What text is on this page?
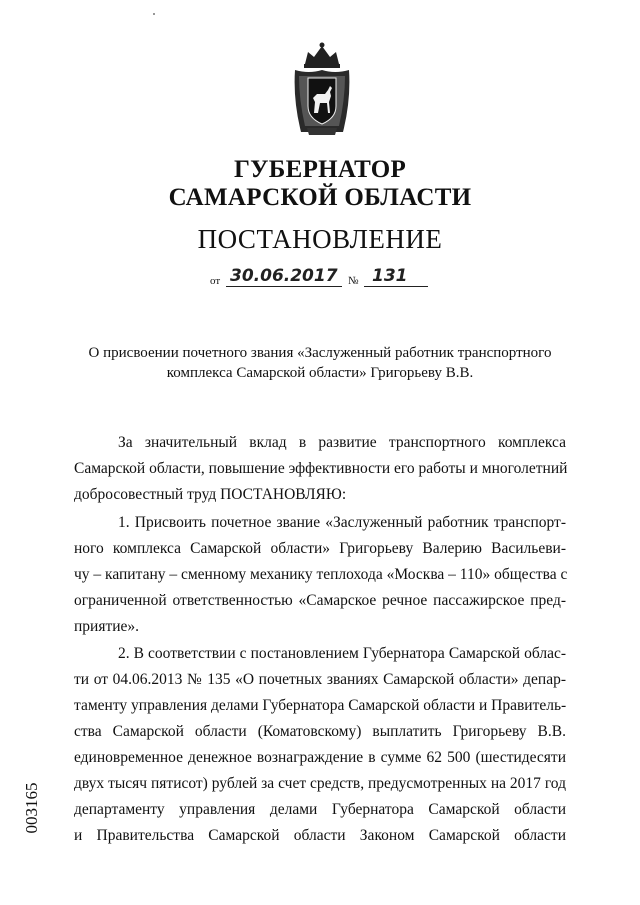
ГУБЕРНАТОР
САМАРСКОЙ ОБЛАСТИ
ПОСТАНОВЛЕНИЕ
от 30.06.2017 № 131
О присвоении почетного звания «Заслуженный работник транспортного
комплекса Самарской области» Григорьеву В.В.
За значительный вклад в развитие транспортного комплекса
Самарской области, повышение эффективности его работы и многолетний
добросовестный труд ПОСТАНОВЛЯЮ:
1. Присвоить почетное звание «Заслуженный работник транспорт-
ного комплекса Самарской области» Григорьеву Валерию Васильеви-
чу – капитану – сменному механику теплохода «Москва – 110» общества с
ограниченной ответственностью «Самарское речное пассажирское пред-
приятие».
2. В соответствии с постановлением Губернатора Самарской облас-
ти от 04.06.2013 № 135 «О почетных званиях Самарской области» депар-
таменту управления делами Губернатора Самарской области и Правитель-
ства Самарской области (Коматовскому) выплатить Григорьеву В.В.
единовременное денежное вознаграждение в сумме 62 500 (шестидесяти
двух тысяч пятисот) рублей за счет средств, предусмотренных на 2017 год
департаменту управления делами Губернатора Самарской области
и Правительства Самарской области Законом Самарской области
003165
